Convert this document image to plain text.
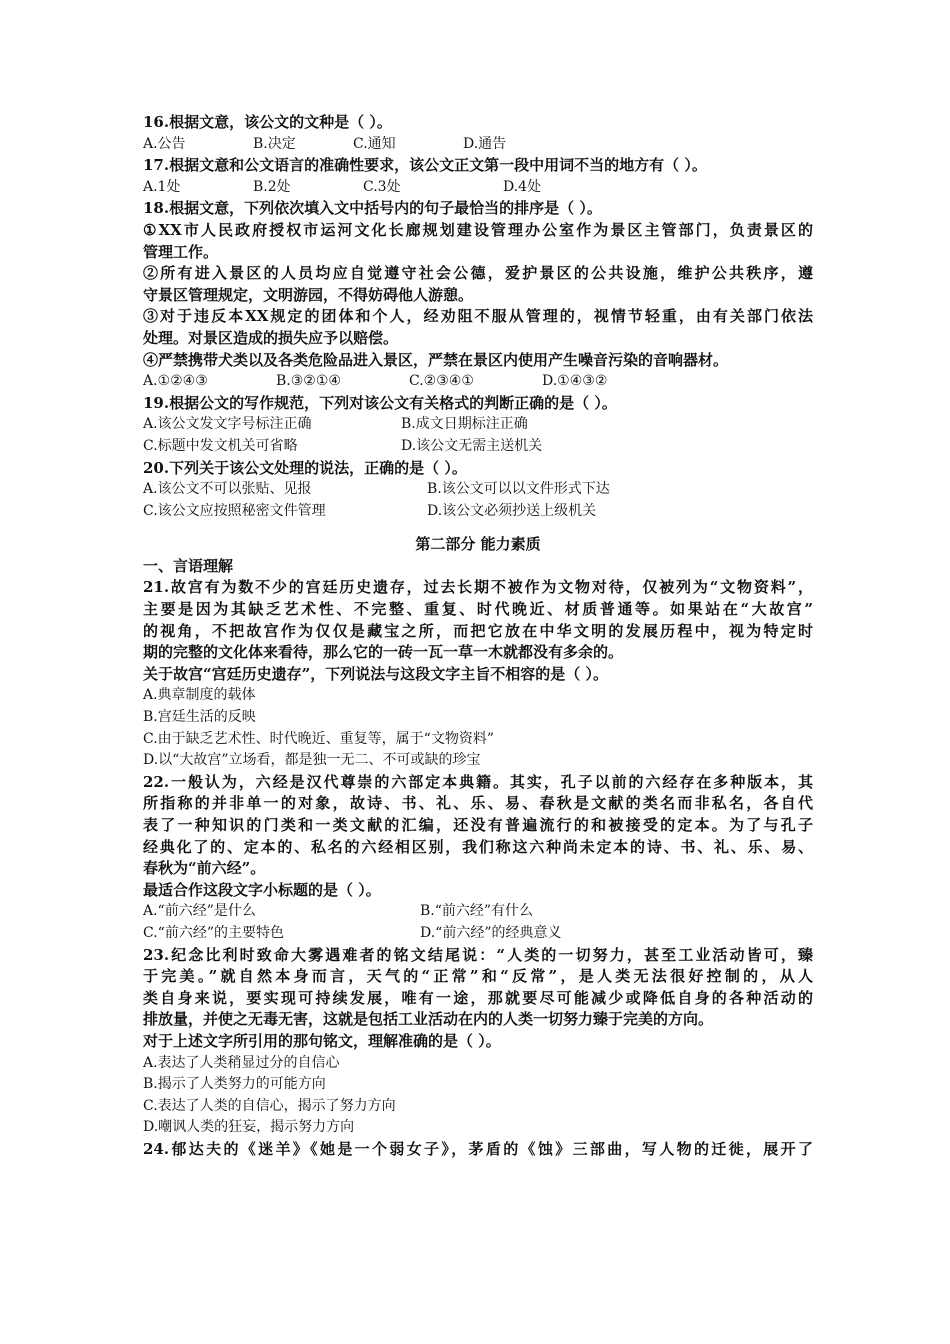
16.根据文意，该公文的文种是（ ）。
A.公告	B.决定	C.通知	D.通告
17.根据文意和公文语言的准确性要求，该公文正文第一段中用词不当的地方有（ ）。
A.1处	B.2处	C.3处	D.4处
18.根据文意，下列依次填入文中括号内的句子最恰当的排序是（ ）。
①XX市人民政府授权市运河文化长廊规划建设管理办公室作为景区主管部门，负责景区的
管理工作。
②所有进入景区的人员均应自觉遵守社会公德，爱护景区的公共设施，维护公共秩序，遵
守景区管理规定，文明游园，不得妨碍他人游憩。
③对于违反本XX规定的团体和个人，经劝阻不服从管理的，视情节轻重，由有关部门依法
处理。对景区造成的损失应予以赔偿。
④严禁携带犬类以及各类危险品进入景区，严禁在景区内使用产生噪音污染的音响器材。
A.①②④③	B.③②①④	C.②③④①	D.①④③②
19.根据公文的写作规范，下列对该公文有关格式的判断正确的是（ ）。
A.该公文发文字号标注正确	B.成文日期标注正确
C.标题中发文机关可省略	D.该公文无需主送机关
20.下列关于该公文处理的说法，正确的是（ ）。
A.该公文不可以张贴、见报	B.该公文可以以文件形式下达
C.该公文应按照秘密文件管理	D.该公文必须抄送上级机关
第二部分 能力素质
一、言语理解
21.故宫有为数不少的宫廷历史遗存，过去长期不被作为文物对待，仅被列为“文物资料”，
主要是因为其缺乏艺术性、不完整、重复、时代晚近、材质普通等。如果站在“大故宫”
的视角，不把故宫作为仅仅是藏宝之所，而把它放在中华文明的发展历程中，视为特定时
期的完整的文化体来看待，那么它的一砖一瓦一草一木就都没有多余的。
关于故宫“宫廷历史遗存”，下列说法与这段文字主旨不相容的是（ ）。
A.典章制度的载体
B.宫廷生活的反映
C.由于缺乏艺术性、时代晚近、重复等，属于“文物资料”
D.以“大故宫”立场看，都是独一无二、不可或缺的珍宝
22.一般认为，六经是汉代尊崇的六部定本典籍。其实，孔子以前的六经存在多种版本，其
所指称的并非单一的对象，故诗、书、礼、乐、易、春秋是文献的类名而非私名，各自代
表了一种知识的门类和一类文献的汇编，还没有普遍流行的和被接受的定本。为了与孔子
经典化了的、定本的、私名的六经相区别，我们称这六种尚未定本的诗、书、礼、乐、易、
春秋为“前六经”。
最适合作这段文字小标题的是（ ）。
A.“前六经”是什么	B.“前六经”有什么
C.“前六经”的主要特色	D.“前六经”的经典意义
23.纪念比利时致命大雾遇难者的铭文结尾说：“人类的一切努力，甚至工业活动皆可，臻
于完美。”就自然本身而言，天气的“正常”和“反常”，是人类无法很好控制的，从人
类自身来说，要实现可持续发展，唯有一途，那就要尽可能减少或降低自身的各种活动的
排放量，并使之无毒无害，这就是包括工业活动在内的人类一切努力臻于完美的方向。
对于上述文字所引用的那句铭文，理解准确的是（ ）。
A.表达了人类稍显过分的自信心
B.揭示了人类努力的可能方向
C.表达了人类的自信心，揭示了努力方向
D.嘲讽人类的狂妄，揭示努力方向
24.郁达夫的《迷羊》《她是一个弱女子》，茅盾的《蚀》三部曲，写人物的迁徙，展开了
